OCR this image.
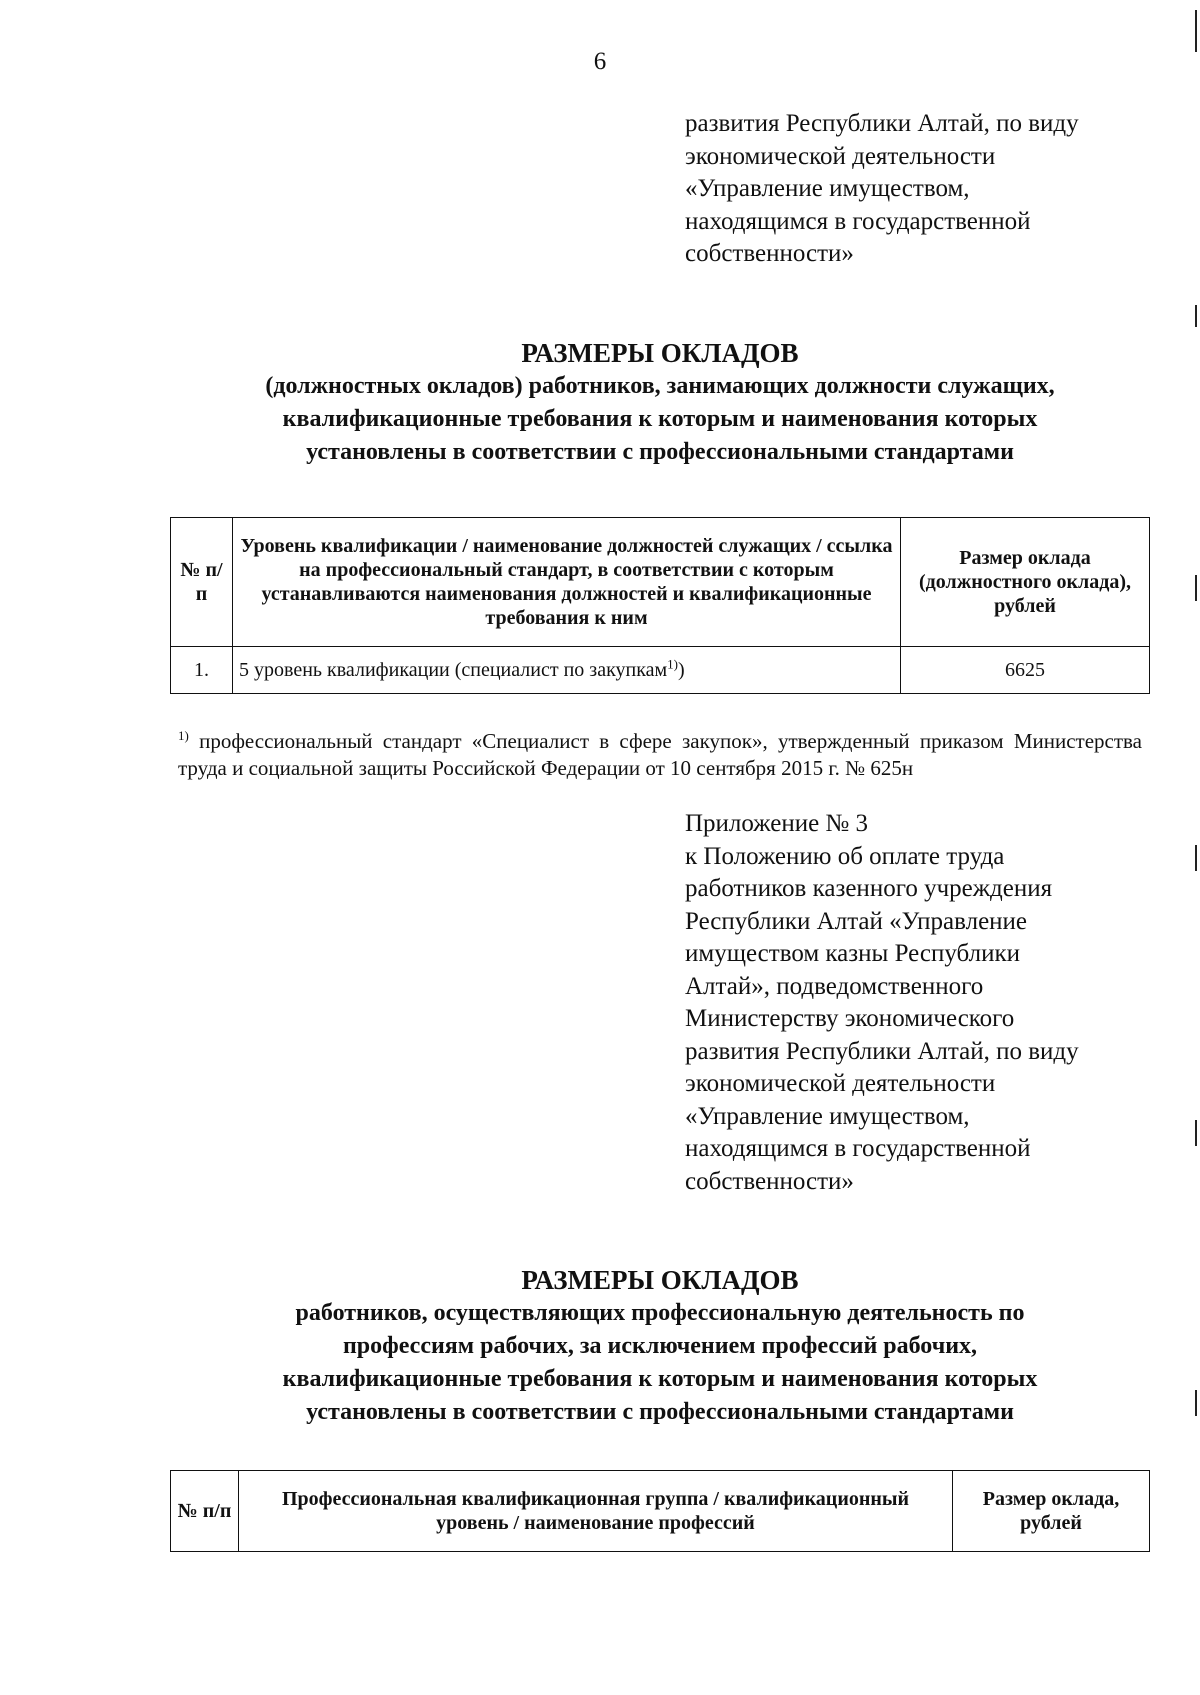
6
развития Республики Алтай, по виду
экономической деятельности
«Управление имуществом,
находящимся в государственной
собственности»
РАЗМЕРЫ ОКЛАДОВ
(должностных окладов) работников, занимающих должности служащих,
квалификационные требования к которым и наименования которых
установлены в соответствии с профессиональными стандартами
№ п/п	Уровень квалификации / наименование должностей служащих / ссылка на профессиональный стандарт, в соответствии с которым устанавливаются наименования должностей и квалификационные требования к ним	Размер оклада (должностного оклада), рублей
1.	5 уровень квалификации (специалист по закупкам$^{1)}$)	6625
$^{1)}$ профессиональный стандарт «Специалист в сфере закупок», утвержденный приказом Министерства труда и социальной защиты Российской Федерации от 10 сентября 2015 г. № 625н
Приложение № 3
к Положению об оплате труда
работников казенного учреждения
Республики Алтай «Управление
имуществом казны Республики
Алтай», подведомственного
Министерству экономического
развития Республики Алтай, по виду
экономической деятельности
«Управление имуществом,
находящимся в государственной
собственности»
РАЗМЕРЫ ОКЛАДОВ
работников, осуществляющих профессиональную деятельность по
профессиям рабочих, за исключением профессий рабочих,
квалификационные требования к которым и наименования которых
установлены в соответствии с профессиональными стандартами
№ п/п	Профессиональная квалификационная группа / квалификационный уровень / наименование профессий	Размер оклада, рублей
